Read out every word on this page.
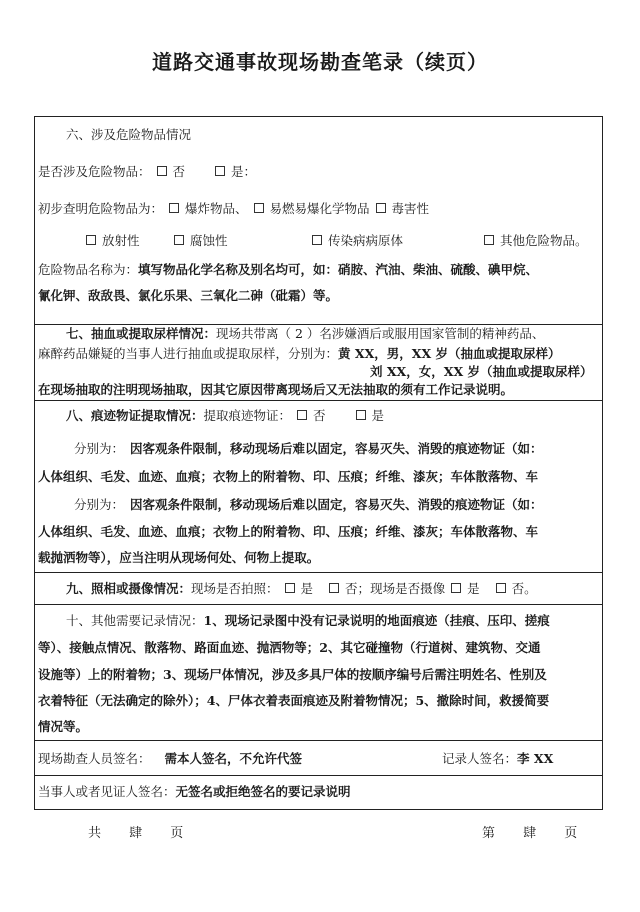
道路交通事故现场勘查笔录（续页）
六、涉及危险物品情况
是否涉及危险物品： 否	是：
初步查明危险物品为： 爆炸物品、 易燃易爆化学物品 毒害性
放射性	腐蚀性	传染病病原体	其他危险物品。
危险物品名称为：填写物品化学名称及别名均可，如：硝胺、汽油、柴油、硫酸、碘甲烷、
氰化钾、敌敌畏、氯化乐果、三氧化二砷（砒霜）等。
七、抽血或提取尿样情况：现场共带离（ 2 ）名涉嫌酒后或服用国家管制的精神药品、
麻醉药品嫌疑的当事人进行抽血或提取尿样，分别为：黄 XX，男，XX 岁（抽血或提取尿样）
刘 XX，女，XX 岁（抽血或提取尿样）
在现场抽取的注明现场抽取，因其它原因带离现场后又无法抽取的须有工作记录说明。
八、痕迹物证提取情况：提取痕迹物证： 否	是
分别为： 因客观条件限制，移动现场后难以固定，容易灭失、消毁的痕迹物证（如：
人体组织、毛发、血迹、血痕；衣物上的附着物、印、压痕；纤维、漆灰；车体散落物、车
分别为： 因客观条件限制，移动现场后难以固定，容易灭失、消毁的痕迹物证（如：
人体组织、毛发、血迹、血痕；衣物上的附着物、印、压痕；纤维、漆灰；车体散落物、车
载抛洒物等），应当注明从现场何处、何物上提取。
九、照相或摄像情况：现场是否拍照： 是	否；现场是否摄像 是	否。
十、其他需要记录情况：1、现场记录图中没有记录说明的地面痕迹（挂痕、压印、搓痕
等）、接触点情况、散落物、路面血迹、抛洒物等；2、其它碰撞物（行道树、建筑物、交通
设施等）上的附着物；3、现场尸体情况，涉及多具尸体的按顺序编号后需注明姓名、性别及
衣着特征（无法确定的除外）；4、尸体衣着表面痕迹及附着物情况；5、撤除时间，救援简要
情况等。
现场勘查人员签名： 需本人签名，不允许代签	记录人签名：李 XX
当事人或者见证人签名：无签名或拒绝签名的要记录说明
共 肆 页	第 肆 页
